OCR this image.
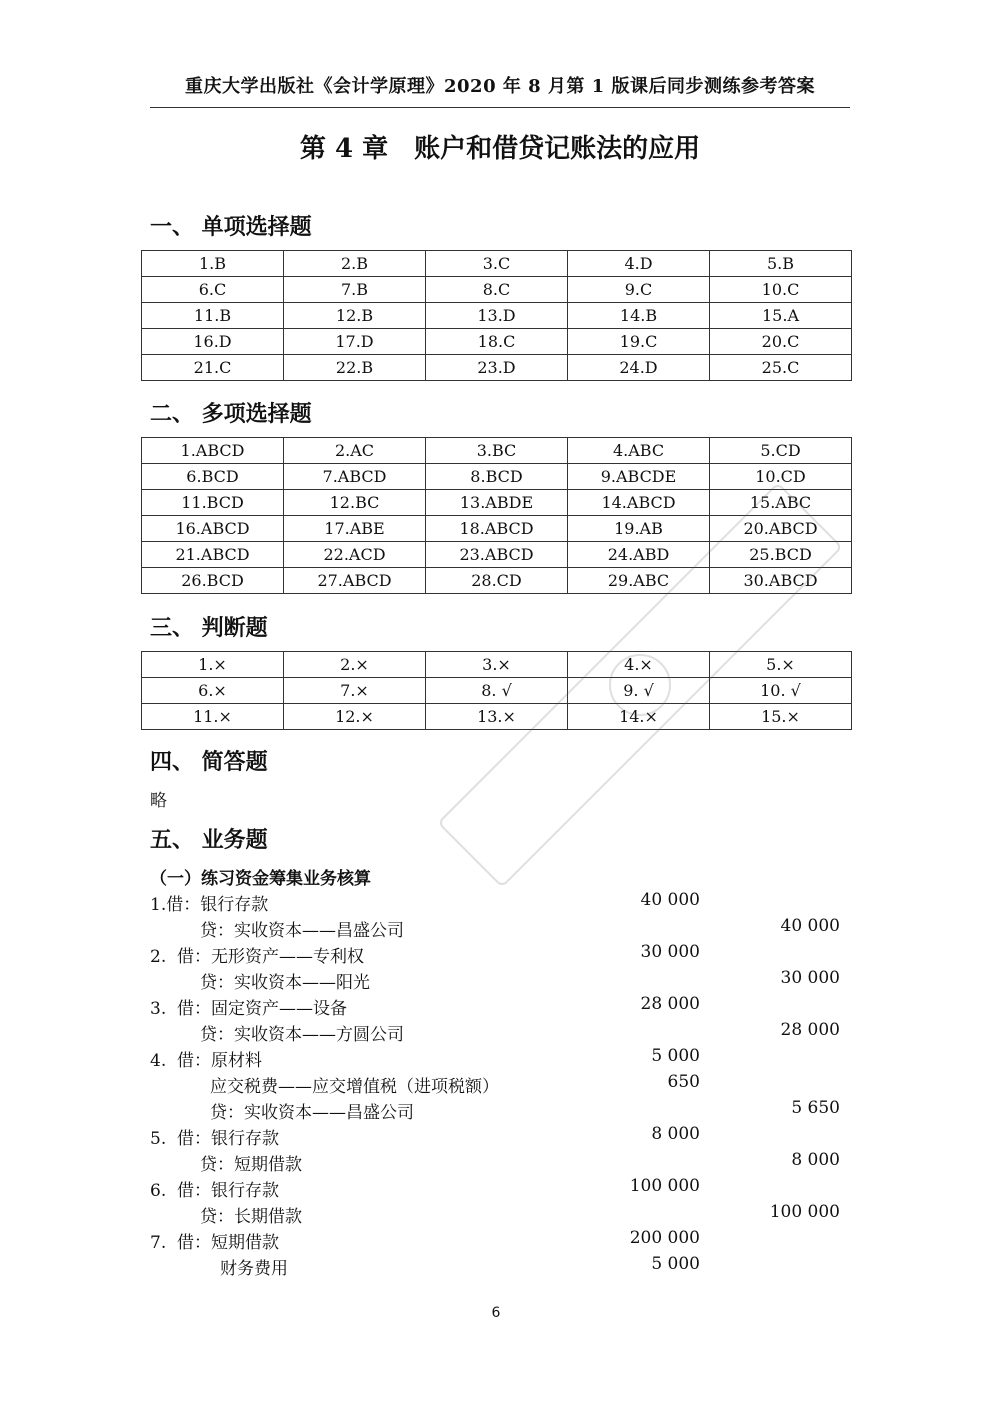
重庆大学出版社《会计学原理》2020 年 8 月第 1 版课后同步测练参考答案
第 4 章　账户和借贷记账法的应用
一、 单项选择题
1.B	2.B	3.C	4.D	5.B
6.C	7.B	8.C	9.C	10.C
11.B	12.B	13.D	14.B	15.A
16.D	17.D	18.C	19.C	20.C
21.C	22.B	23.D	24.D	25.C
二、 多项选择题
1.ABCD	2.AC	3.BC	4.ABC	5.CD
6.BCD	7.ABCD	8.BCD	9.ABCDE	10.CD
11.BCD	12.BC	13.ABDE	14.ABCD	15.ABC
16.ABCD	17.ABE	18.ABCD	19.AB	20.ABCD
21.ABCD	22.ACD	23.ABCD	24.ABD	25.BCD
26.BCD	27.ABCD	28.CD	29.ABC	30.ABCD
三、 判断题
1.×	2.×	3.×	4.×	5.×
6.×	7.×	8. √	9. √	10. √
11.×	12.×	13.×	14.×	15.×
四、 简答题
略
五、 业务题
（一）练习资金筹集业务核算
1.借：银行存款	40 000
贷：实收资本——昌盛公司	40 000
2.  借：无形资产——专利权	30 000
贷：实收资本——阳光	30 000
3.  借：固定资产——设备	28 000
贷：实收资本——方圆公司	28 000
4.  借：原材料	5 000
应交税费——应交增值税（进项税额）	650
贷：实收资本——昌盛公司	5 650
5.  借：银行存款	8 000
贷：短期借款	8 000
6.  借：银行存款	100 000
贷：长期借款	100 000
7.  借：短期借款	200 000
财务费用	5 000
6
